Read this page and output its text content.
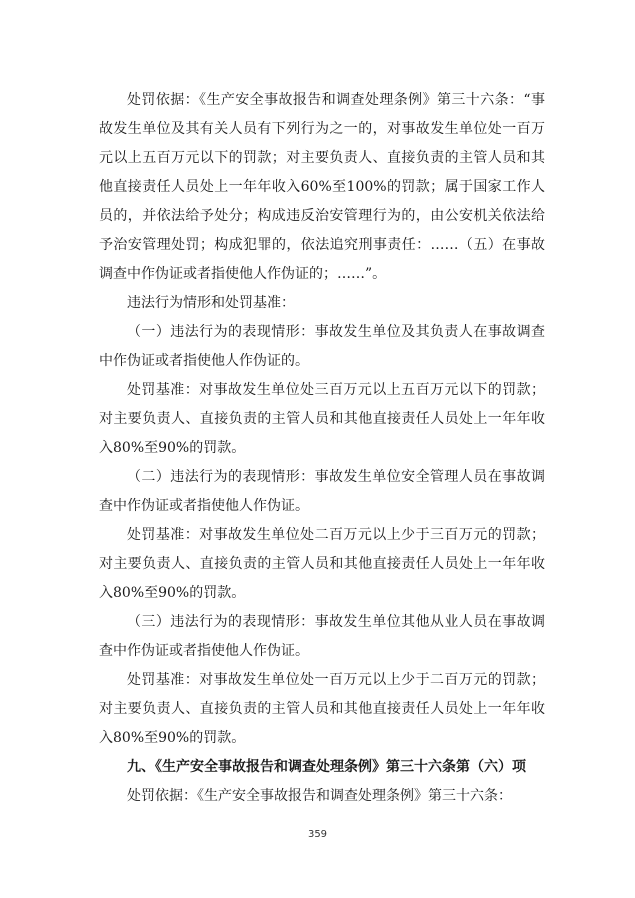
处罚依据：《生产安全事故报告和调查处理条例》第三十六条：“事故发生单位及其有关人员有下列行为之一的，对事故发生单位处一百万元以上五百万元以下的罚款；对主要负责人、直接负责的主管人员和其他直接责任人员处上一年年收入60%至100%的罚款；属于国家工作人员的，并依法给予处分；构成违反治安管理行为的，由公安机关依法给予治安管理处罚；构成犯罪的，依法追究刑事责任：……（五）在事故调查中作伪证或者指使他人作伪证的；……”。

违法行为情形和处罚基准：

（一）违法行为的表现情形：事故发生单位及其负责人在事故调查中作伪证或者指使他人作伪证的。

处罚基准：对事故发生单位处三百万元以上五百万元以下的罚款；对主要负责人、直接负责的主管人员和其他直接责任人员处上一年年收入80%至90%的罚款。

（二）违法行为的表现情形：事故发生单位安全管理人员在事故调查中作伪证或者指使他人作伪证。

处罚基准：对事故发生单位处二百万元以上少于三百万元的罚款；对主要负责人、直接负责的主管人员和其他直接责任人员处上一年年收入80%至90%的罚款。

（三）违法行为的表现情形：事故发生单位其他从业人员在事故调查中作伪证或者指使他人作伪证。

处罚基准：对事故发生单位处一百万元以上少于二百万元的罚款；对主要负责人、直接负责的主管人员和其他直接责任人员处上一年年收入80%至90%的罚款。

九、《生产安全事故报告和调查处理条例》第三十六条第（六）项

处罚依据：《生产安全事故报告和调查处理条例》第三十六条：

359
